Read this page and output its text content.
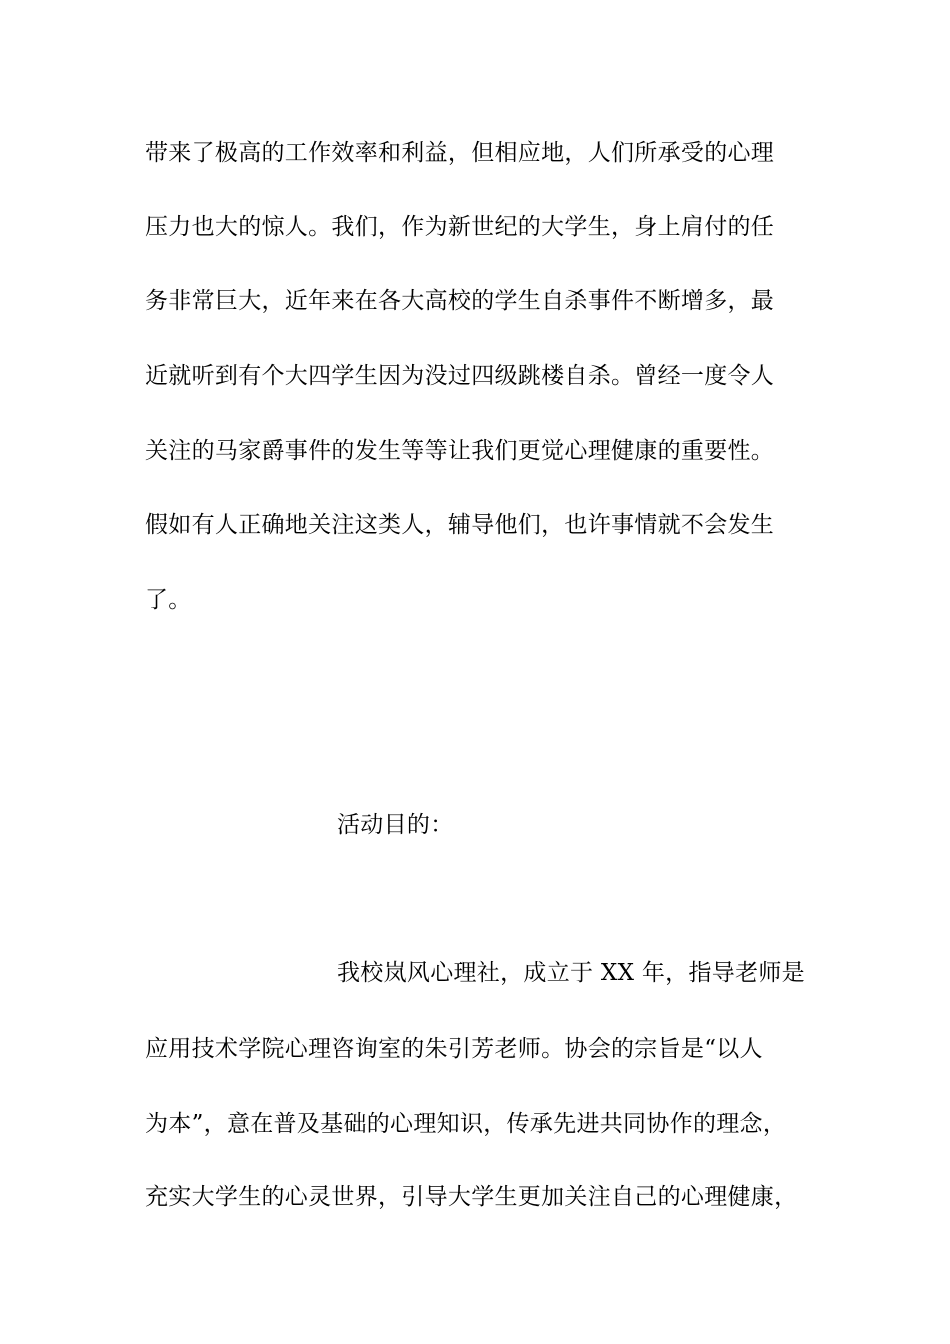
带来了极高的工作效率和利益，但相应地，人们所承受的心理
压力也大的惊人。我们，作为新世纪的大学生，身上肩付的任
务非常巨大，近年来在各大高校的学生自杀事件不断增多，最
近就听到有个大四学生因为没过四级跳楼自杀。曾经一度令人
关注的马家爵事件的发生等等让我们更觉心理健康的重要性。
假如有人正确地关注这类人，辅导他们，也许事情就不会发生
了。
活动目的：
我校岚风心理社，成立于 XX 年，指导老师是
应用技术学院心理咨询室的朱引芳老师。协会的宗旨是“以人
为本”，意在普及基础的心理知识，传承先进共同协作的理念，
充实大学生的心灵世界，引导大学生更加关注自己的心理健康，
